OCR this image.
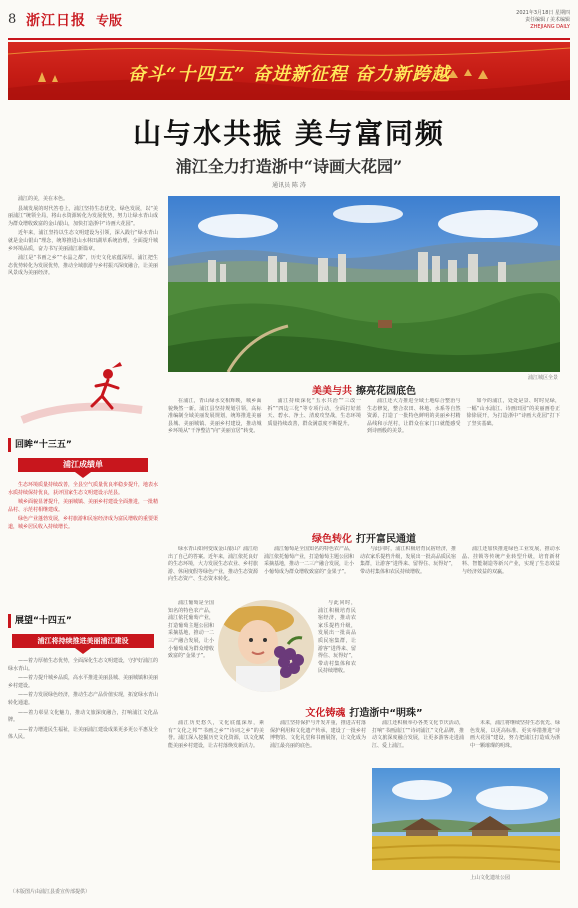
8 浙江日报 专版
2021年3月18日 星期四
责任编辑 / 美术编辑
ZHEJIANG DAILY
奋斗“十四五” 奋进新征程 奋力新跨越
山与水共振 美与富同频
浦江全力打造浙中“诗画大花园”
通讯员 陈 涛

浦江的美，美在本色。

县域发展的时代答卷上，浦江坚持生态优先、绿色发展，以“美丽浦江”统领全局，将山水资源转化为发展优势，努力让绿水青山成为群众增收致富的金山银山，加快打造浙中“诗画大花园”。

近年来，浦江坚持以生态文明建设为引领，深入践行“绿水青山就是金山银山”理念，统筹推进山水林田湖草系统治理，全面提升城乡环境品质，奋力书写美丽浦江新篇章。

浦江是“书画之乡”“水晶之都”，历史文化底蕴深厚。浦江把生态优势转化为发展优势，推动全域旅游与乡村振兴深度融合，让美丽风景成为美丽经济。

浦江城区全景
回眸“十三五”
浦江成绩单

生态环境质量持续改善，全县空气质量优良率稳步提升，地表水水质持续保持优良，获评国家生态文明建设示范县。

城乡面貌显著提升，美丽城镇、美丽乡村建设全面推进，一批精品村、示范村相继建成。

绿色产业蓬勃发展，乡村旅游和民宿经济成为富民增收的重要渠道，城乡居民收入持续增长。

展望“十四五”
浦江将持续推进美丽浦江建设

——着力厚植生态优势，全面深化生态文明建设，守护好浦江的绿水青山。

——着力提升城乡品质，高水平推进美丽县城、美丽城镇和美丽乡村建设。

——着力发展绿色经济，推动生态产品价值实现，拓宽绿水青山转化通道。

——着力彰显文化魅力，推动文旅深度融合，打响浦江文化品牌。

——着力增进民生福祉，让美丽浦江建设成果更多更公平惠及全体人民。

（本版图片由浦江县委宣传部提供）
美美与共 擦亮花园底色

在浦江，青山绿水交相辉映，城乡面貌焕然一新。浦江县坚持规划引领，高标准编制全域美丽发展规划，统筹推进美丽县城、美丽城镇、美丽乡村建设，推动城乡环境从“干净整洁”向“美丽宜居”转变。

浦江持续深化“五水共治”“三改一拆”“四边三化”等专项行动，全面打好蓝天、碧水、净土、清废攻坚战，生态环境质量持续改善，群众满意度不断提升。

浦江还大力推进全域土地综合整治与生态修复，整合农田、林地、水系等自然资源，打造了一批特色鲜明的美丽乡村精品线和示范村，让群众在家门口就能感受到诗画般的美景。

如今的浦江，处处是景、时时见绿，一幅“山水浦江、诗画田园”的美丽画卷正徐徐展开，为打造浙中“诗画大花园”打下了坚实基础。

绿色转化 打开富民通道

绿水青山如何变成金山银山？浦江给出了自己的答案。近年来，浦江依托良好的生态环境，大力发展生态农业、乡村旅游、休闲度假等绿色产业，推动生态资源向生态资产、生态资本转化。

浦江葡萄是全国知名的特色农产品，浦江依托葡萄产业，打造葡萄主题公园和采摘基地，推动一二三产融合发展，让小小葡萄成为群众增收致富的“金果子”。

与此同时，浦江积极培育民宿经济，推动农家乐提档升级，发展出一批高品质民宿集群，让游客“进得来、留得住、玩得好”，带动村集体和农民持续增收。

浦江还加快推进绿色工业发展，推动水晶、挂锁等传统产业转型升级，培育新材料、智能制造等新兴产业，实现了生态效益与经济效益的双赢。

浦江葡萄是全国知名的特色农产品，浦江依托葡萄产业，打造葡萄主题公园和采摘基地，推动一二三产融合发展，让小小葡萄成为群众增收致富的“金果子”。

与此同时，浦江积极培育民宿经济，推动农家乐提档升级，发展出一批高品质民宿集群，让游客“进得来、留得住、玩得好”，带动村集体和农民持续增收。

文化铸魂 打造浙中“明珠”

浦江历史悠久，文化底蕴深厚，素有“文化之邦”“书画之乡”“诗词之乡”的美誉。浦江深入挖掘历史文化资源，以文化赋能美丽乡村建设，让古村落焕发新活力。

浦江坚持保护与开发并重，推进古村落保护利用和文化遗产传承，建设了一批乡村博物馆、文化礼堂和书画展馆，让文化成为浦江最亮丽的底色。

浦江还积极举办各类文化节庆活动，打响“书画浦江”“诗词浦江”文化品牌，推动文旅深度融合发展，让更多游客走进浦江、爱上浦江。

未来，浦江将继续坚持生态优先、绿色发展，以更高标准、更实举措推进“诗画大花园”建设，努力把浦江打造成为浙中一颗璀璨的明珠。

上山文化遗址公园
